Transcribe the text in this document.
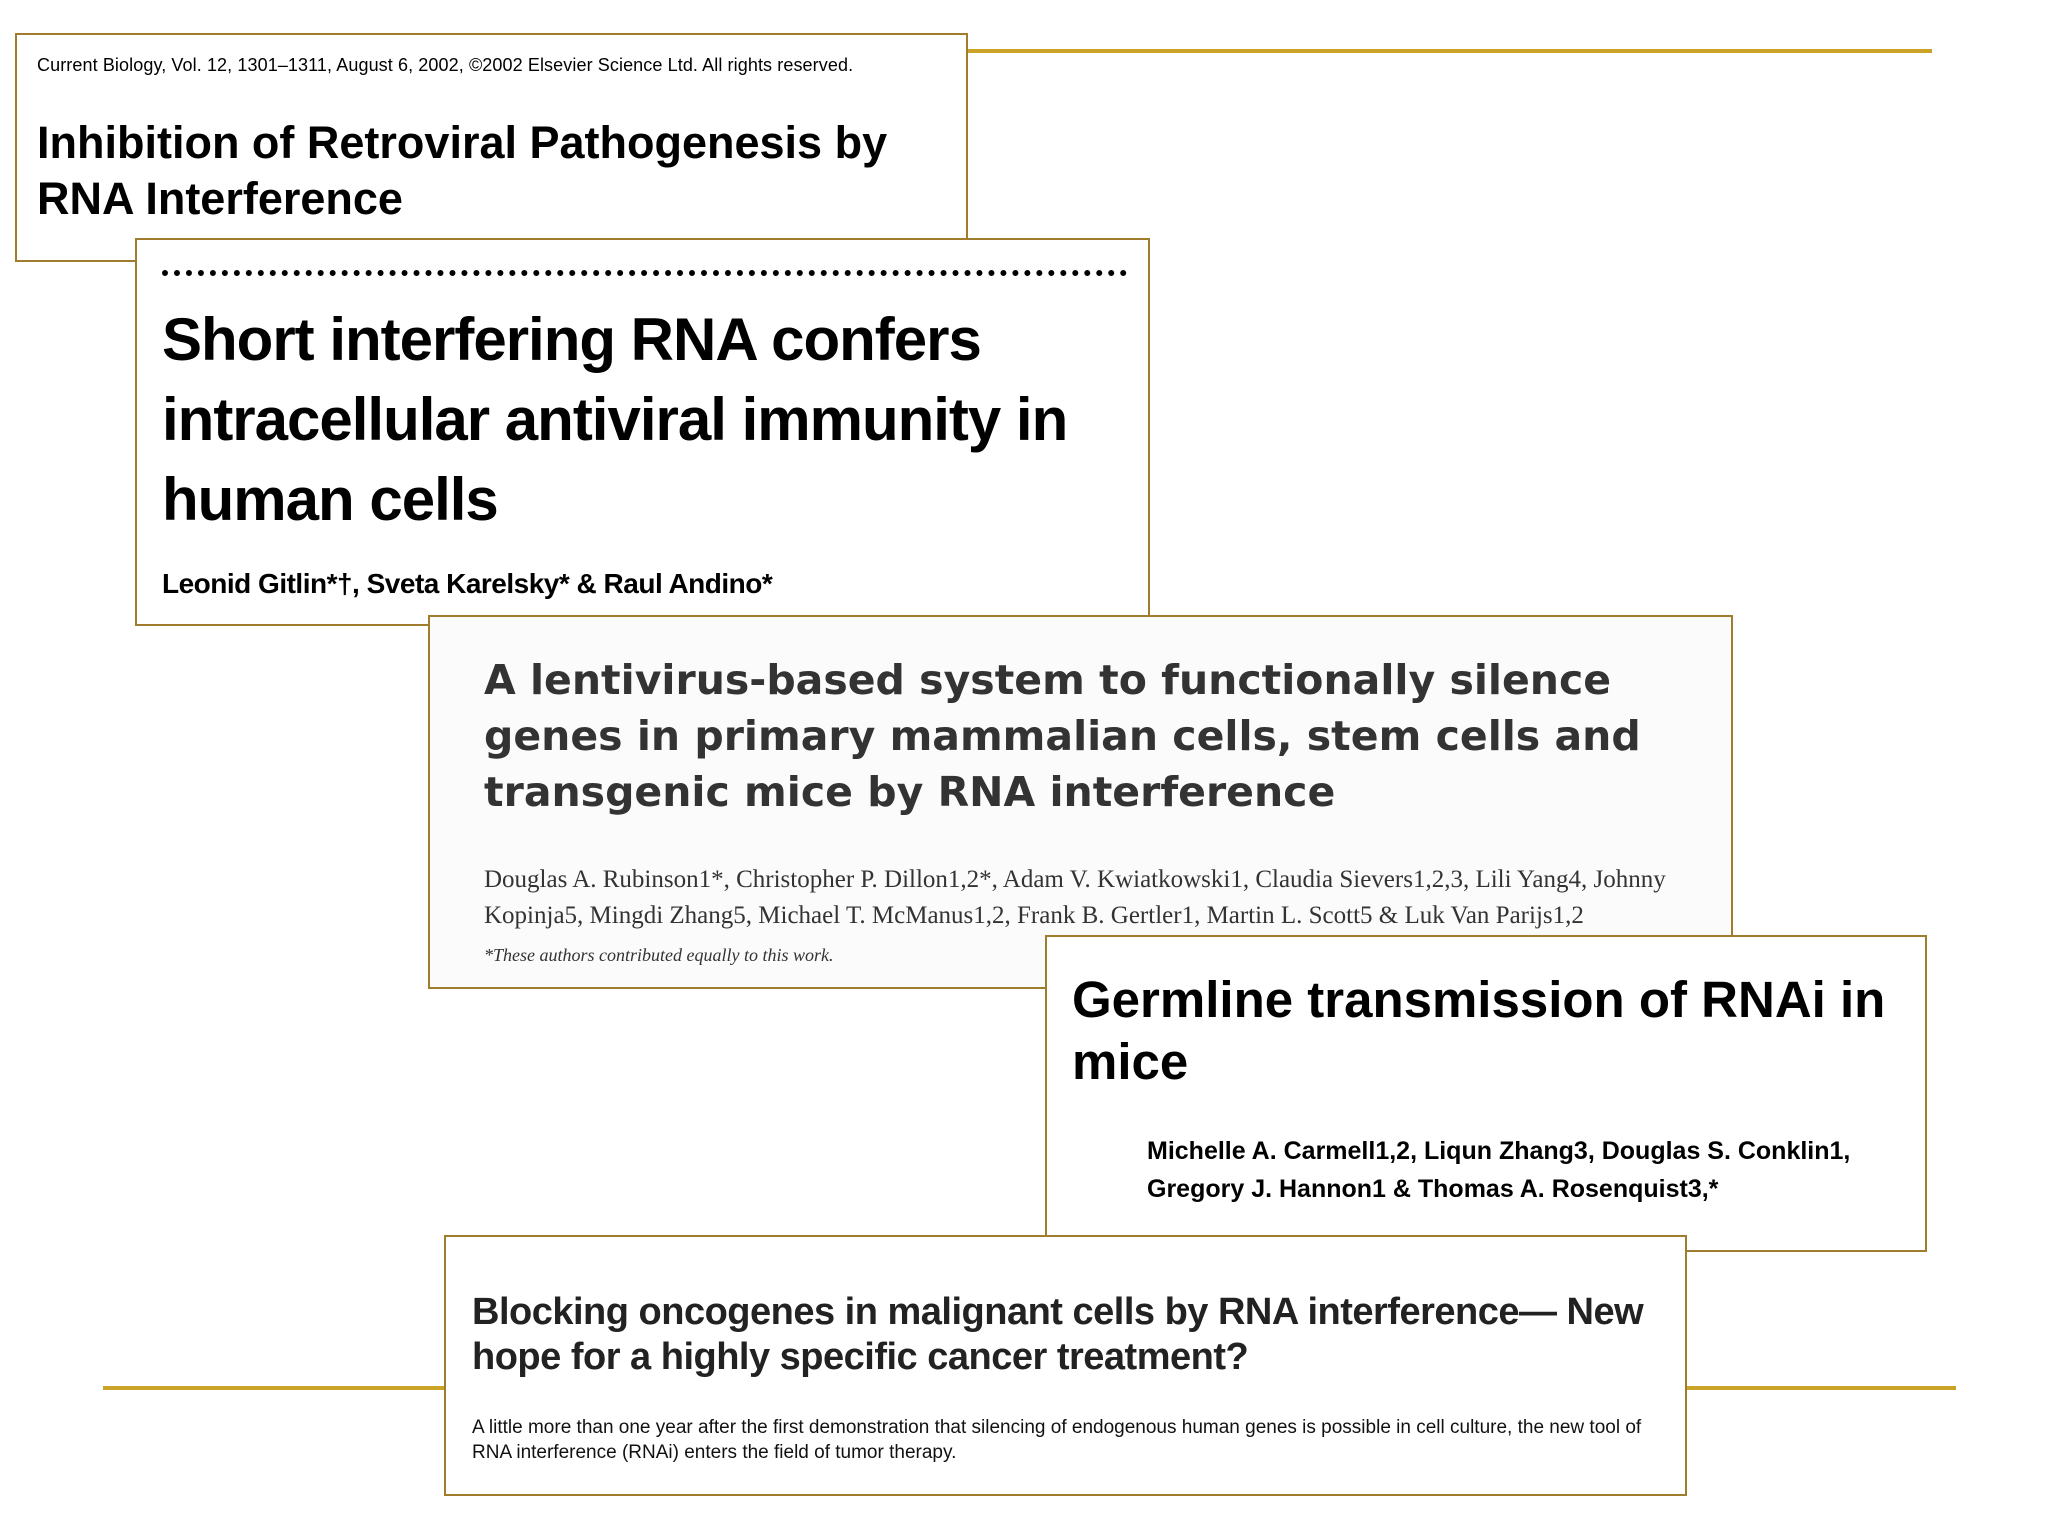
Current Biology, Vol. 12, 1301–1311, August 6, 2002, ©2002 Elsevier Science Ltd. All rights reserved.
Inhibition of Retroviral Pathogenesis by RNA Interference
Short interfering RNA confers intracellular antiviral immunity in human cells
Leonid Gitlin*†, Sveta Karelsky* & Raul Andino*
A lentivirus-based system to functionally silence genes in primary mammalian cells, stem cells and transgenic mice by RNA interference
Douglas A. Rubinson1*, Christopher P. Dillon1,2*, Adam V. Kwiatkowski1, Claudia Sievers1,2,3, Lili Yang4, Johnny Kopinja5, Mingdi Zhang5, Michael T. McManus1,2, Frank B. Gertler1, Martin L. Scott5 & Luk Van Parijs1,2
*These authors contributed equally to this work.
Germline transmission of RNAi in mice
Michelle A. Carmell1,2, Liqun Zhang3, Douglas S. Conklin1, Gregory J. Hannon1 & Thomas A. Rosenquist3,*
Blocking oncogenes in malignant cells by RNA interference— New hope for a highly specific cancer treatment?
A little more than one year after the first demonstration that silencing of endogenous human genes is possible in cell culture, the new tool of RNA interference (RNAi) enters the field of tumor therapy.
